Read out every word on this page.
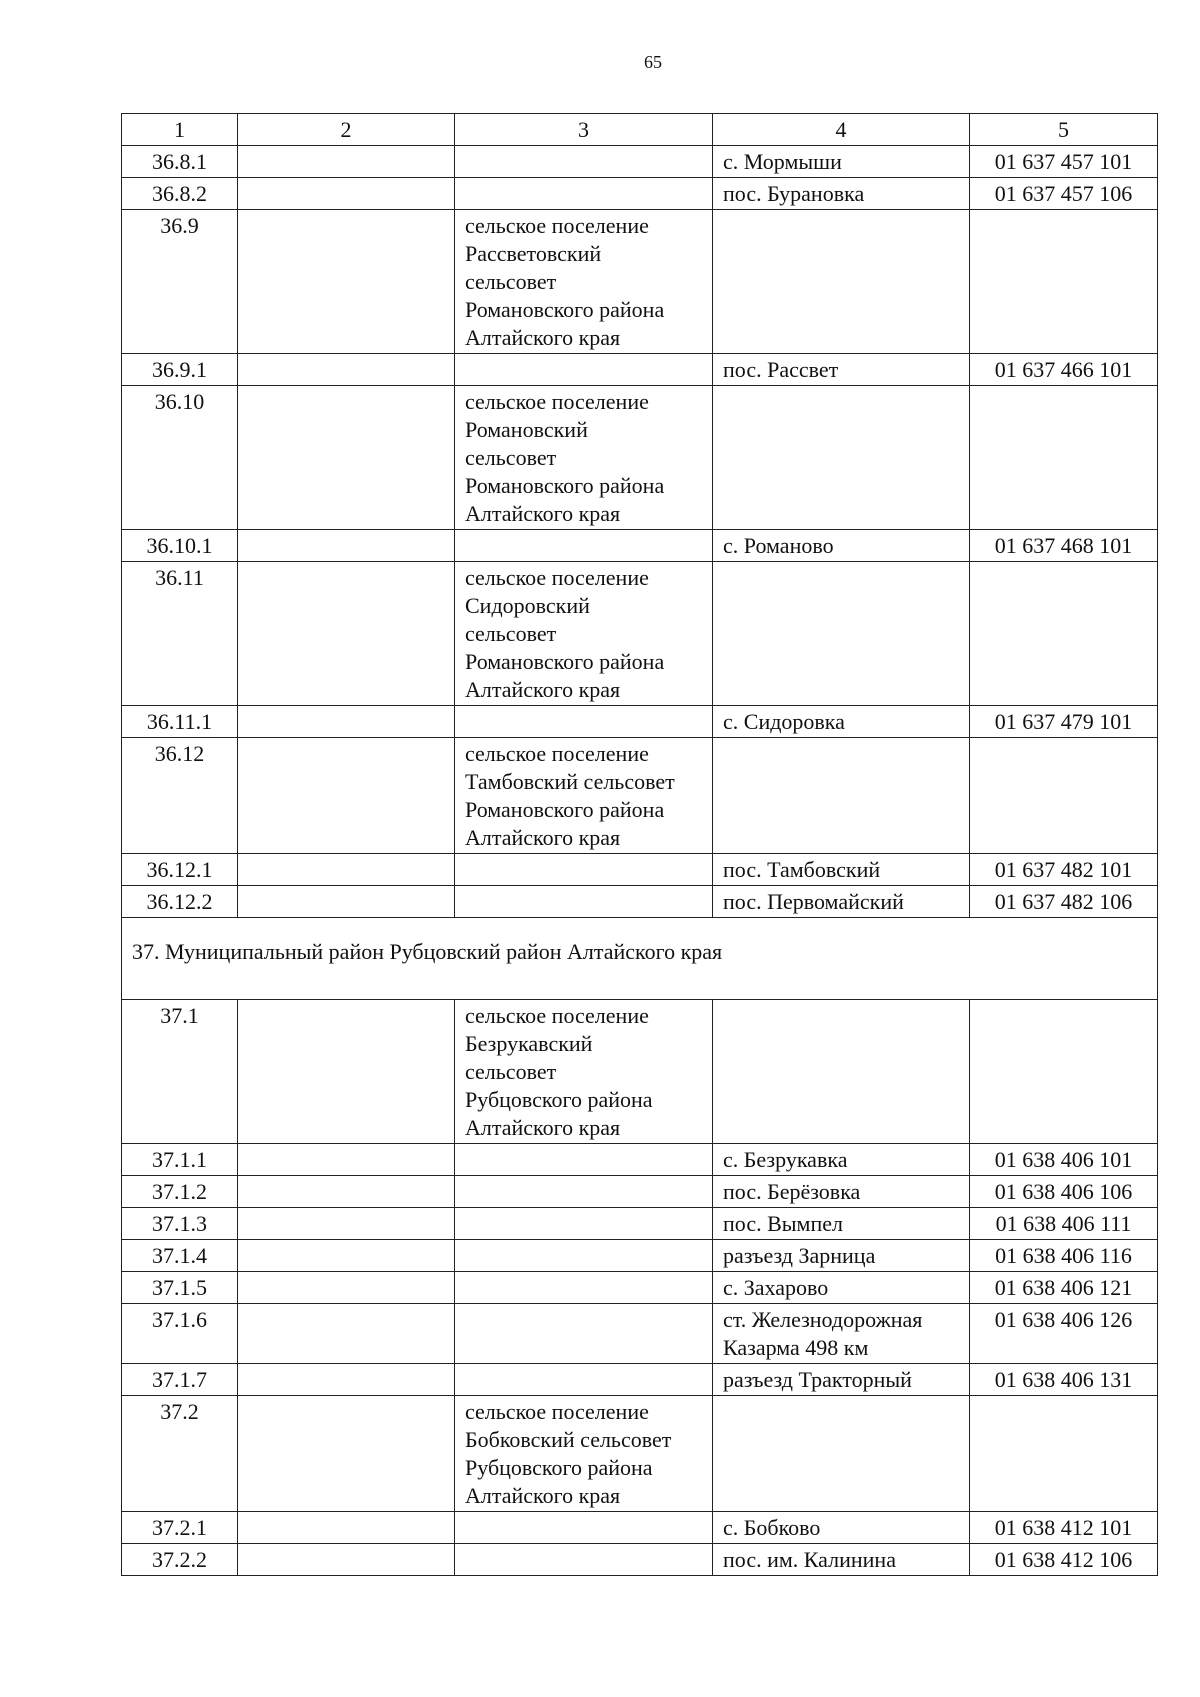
65
1	2	3	4	5
36.8.1			с. Мормыши	01 637 457 101
36.8.2			пос. Бурановка	01 637 457 106
36.9		сельское поселение
Рассветовский
сельсовет
Романовского района
Алтайского края		

36.9.1			пос. Рассвет	01 637 466 101
36.10		сельское поселение
Романовский
сельсовет
Романовского района
Алтайского края		

36.10.1			с. Романово	01 637 468 101
36.11		сельское поселение
Сидоровский
сельсовет
Романовского района
Алтайского края		

36.11.1			с. Сидоровка	01 637 479 101
36.12		сельское поселение
Тамбовский сельсовет
Романовского района
Алтайского края		

36.12.1			пос. Тамбовский	01 637 482 101
36.12.2			пос. Первомайский	01 637 482 106
37. Муниципальный район Рубцовский район Алтайского края				
37.1		сельское поселение
Безрукавский
сельсовет
Рубцовского района
Алтайского края		

37.1.1			с. Безрукавка	01 638 406 101
37.1.2			пос. Берёзовка	01 638 406 106
37.1.3			пос. Вымпел	01 638 406 111
37.1.4			разъезд Зарница	01 638 406 116
37.1.5			с. Захарово	01 638 406 121
37.1.6			ст. Железнодорожная
Казарма 498 км	01 638 406 126
37.1.7			разъезд Тракторный	01 638 406 131
37.2		сельское поселение
Бобковский сельсовет
Рубцовского района
Алтайского края		

37.2.1			с. Бобково	01 638 412 101
37.2.2			пос. им. Калинина	01 638 412 106
